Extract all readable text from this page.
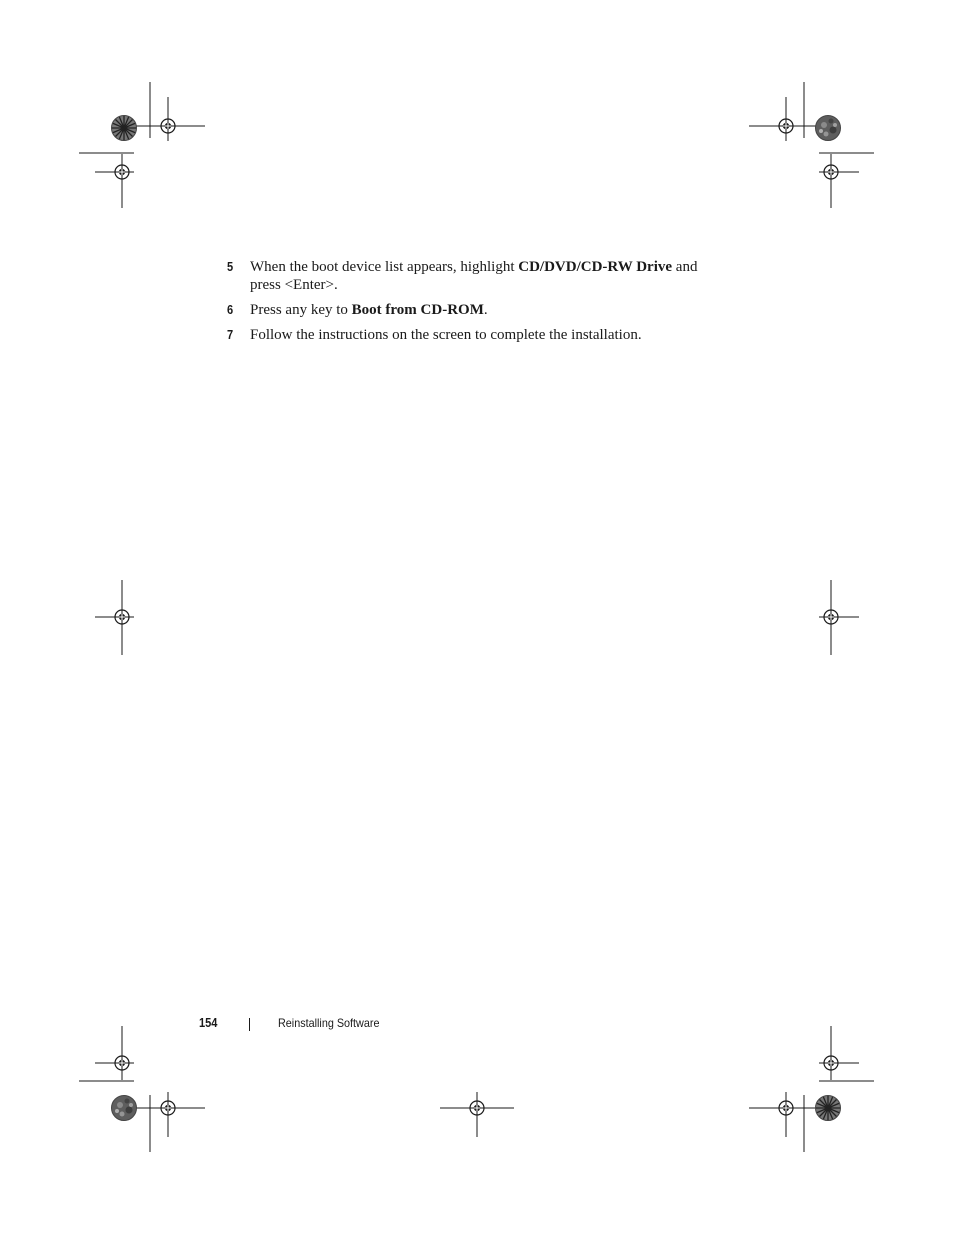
5 When the boot device list appears, highlight CD/DVD/CD-RW Drive and press <Enter>.
6 Press any key to Boot from CD-ROM.
7 Follow the instructions on the screen to complete the installation.
154	Reinstalling Software
